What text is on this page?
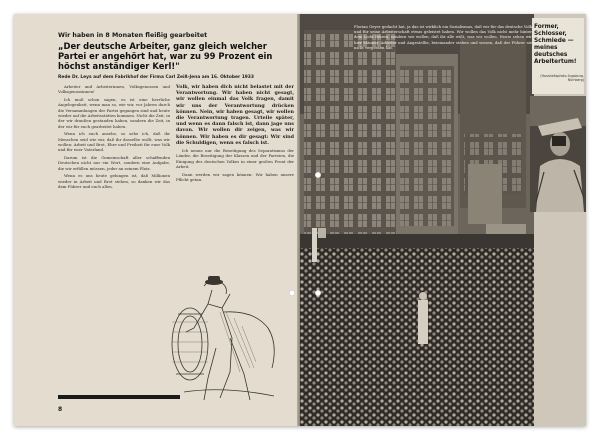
Wir haben in 8 Monaten fleißig gearbeitet
„Der deutsche Arbeiter, ganz gleich welcher Partei er angehört hat, war zu 99 Prozent ein höchst anständiger Kerl!"
Rede Dr. Leys auf dem Fabrikhof der Firma Carl Zeiß-Jena am 16. Oktober 1933

Arbeiter und Arbeiterinnen, Volksgenossen und Volksgenossinnen!

Ich muß schon sagen, es ist eine herrliche Angelegenheit, wenn man so, wie wir, vor Jahren durch die Versammlungen der Partei gegangen sind und heute wieder auf die Arbeitsstätten kommen. Nicht die Zeit, in der wir draußen gestanden haben, sondern die Zeit, in der wir für euch gearbeitet haben.

Wenn ich euch ansehe, so sehe ich, daß ihr Menschen seid wie wir, daß ihr dasselbe wollt, was wir wollen: Arbeit und Brot, Ehre und Freiheit für euer Volk und für euer Vaterland.

Darum ist die Gemeinschaft aller schaffenden Deutschen nicht nur ein Wort, sondern eine Aufgabe, die wir erfüllen müssen, jeder an seinem Platz.

Wenn es uns heute gelungen ist, daß Millionen wieder in Arbeit und Brot stehen, so danken wir das dem Führer und euch allen.

Volk, wir haben dich nicht belastet mit der Verantwortung. Wir haben nicht gesagt, wir wollen einmal das Volk fragen, damit wir uns der Verantwortung drücken können. Nein, wir haben gesagt, wir wollen die Verantwortung tragen. Urteile später, und wenn es dann falsch ist, dann jage uns davon. Wir wollen dir zeigen, was wir können. Wir haben es dir gesagt: Wir sind die Schuldigen, wenn es falsch ist.

Ich nenne nur die Beseitigung des Separatismus der Länder, die Beseitigung der Klassen und der Parteien, die Einigung des deutschen Volkes in einer großen Front der Arbeit.

Dann werden wir sagen können: Wir haben unsere Pflicht getan.

8

Florian Geyer gedacht hat, ja das ist wirklich ein Sozialismus, daß wir für das deutsche Volk und für seine Arbeiterschaft etwas geleistet haben. Wir wollen das Volk nicht mehr hinter dem Licht führen, sondern wir wollen, daß ihr alle wißt, was wir wollen. Heute sehen wir hier Männer, Arbeiter und Angestellte, beieinander stehen und wissen, daß der Führer sie nicht vergessen hat.

Former, Schlosser, Schmiede — meines deutsches Arbeitertum!
(Haushaltsphoto Augsburg-Nürnberg)
